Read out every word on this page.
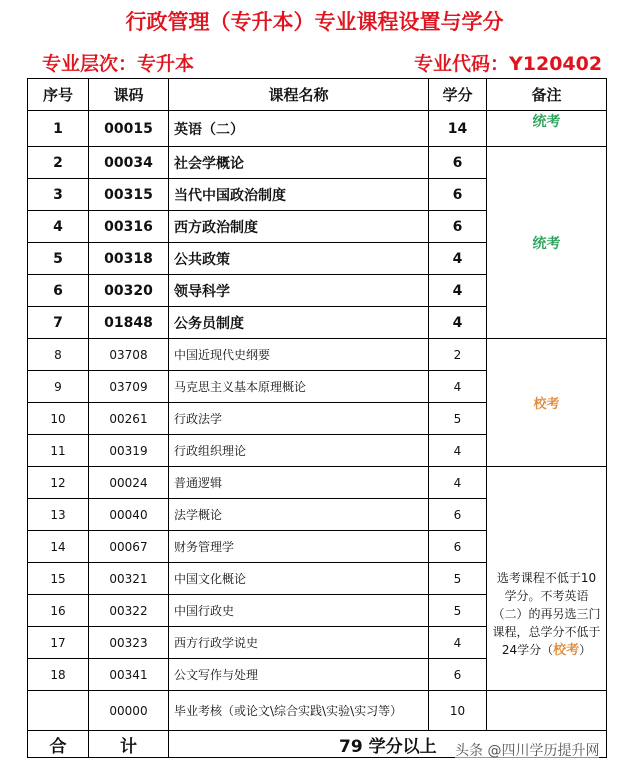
行政管理（专升本）专业课程设置与学分
专业层次：专升本	专业代码：Y120402
序号	课码	课程名称	学分	备注
1	00015	英语（二）	14	统考
2	00034	社会学概论	6	统考
3	00315	当代中国政治制度	6	
4	00316	西方政治制度	6	
5	00318	公共政策	4	
6	00320	领导科学	4	
7	01848	公务员制度	4	
8	03708	中国近现代史纲要	2	校考
9	03709	马克思主义基本原理概论	4	
10	00261	行政法学	5	
11	00319	行政组织理论	4	
12	00024	普通逻辑	4	选考课程不低于10学分。不考英语（二）的再另选三门课程，总学分不低于24学分（校考）
13	00040	法学概论	6	
14	00067	财务管理学	6	
15	00321	中国文化概论	5	
16	00322	中国行政史	5	
17	00323	西方行政学说史	4	
18	00341	公文写作与处理	6	
	00000	毕业考核（或论文\综合实践\实验\实习等）	10	
合	计	79 学分以上		头条 @四川学历提升网
